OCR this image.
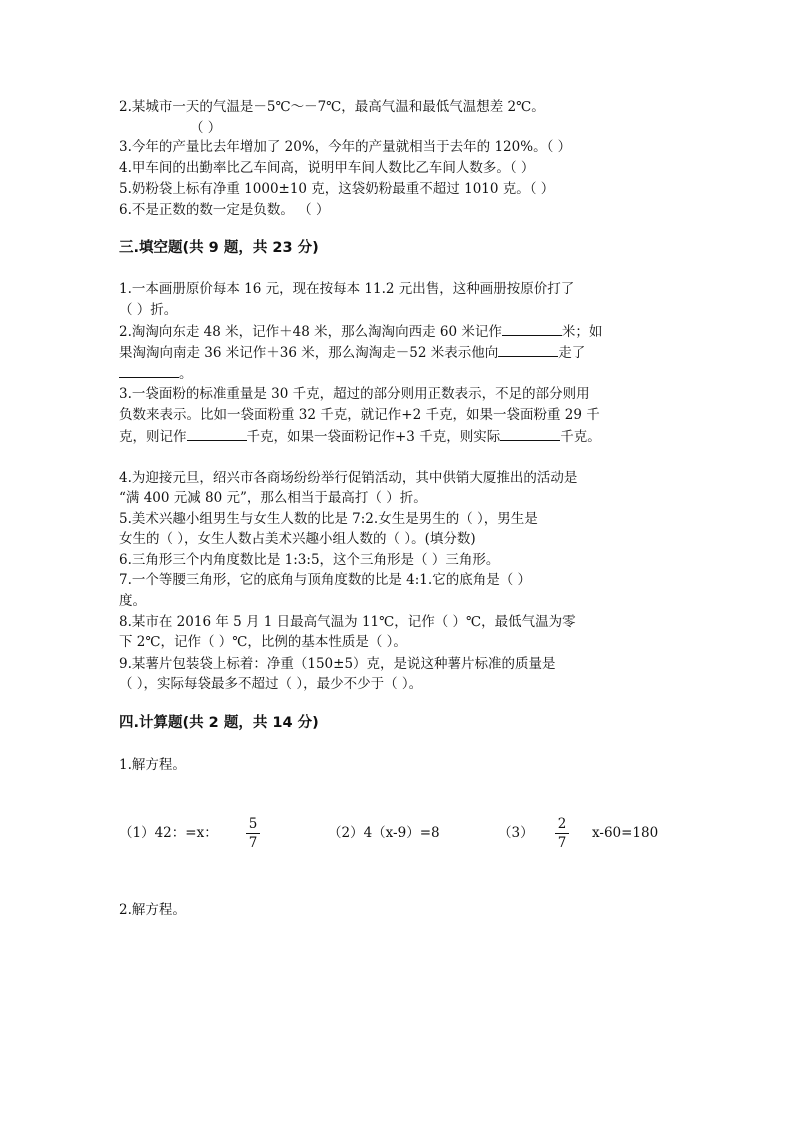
2.某城市一天的气温是－5℃～－7℃，最高气温和最低气温想差 2℃。
（ ）
3.今年的产量比去年增加了 20%，今年的产量就相当于去年的 120%。（ ）
4.甲车间的出勤率比乙车间高，说明甲车间人数比乙车间人数多。（ ）
5.奶粉袋上标有净重 1000±10 克，这袋奶粉最重不超过 1010 克。（ ）
6.不是正数的数一定是负数。 （ ）
三.填空题(共 9 题，共 23 分)
1.一本画册原价每本 16 元，现在按每本 11.2 元出售，这种画册按原价打了
（ ）折。
2.淘淘向东走 48 米，记作＋48 米，那么淘淘向西走 60 米记作	米；如
果淘淘向南走 36 米记作＋36 米，那么淘淘走－52 米表示他向	走了
。
3.一袋面粉的标准重量是 30 千克，超过的部分则用正数表示，不足的部分则用
负数来表示。比如一袋面粉重 32 千克，就记作+2 千克，如果一袋面粉重 29 千
克，则记作	千克，如果一袋面粉记作+3 千克，则实际	千克。
4.为迎接元旦，绍兴市各商场纷纷举行促销活动，其中供销大厦推出的活动是
“满 400 元减 80 元”，那么相当于最高打（ ）折。
5.美术兴趣小组男生与女生人数的比是 7:2.女生是男生的（ ），男生是
女生的（ ），女生人数占美术兴趣小组人数的（ ）。(填分数)
6.三角形三个内角度数比是 1:3:5，这个三角形是（ ）三角形。
7.一个等腰三角形，它的底角与顶角度数的比是 4:1.它的底角是（ ）
度。
8.某市在 2016 年 5 月 1 日最高气温为 11℃，记作（ ）℃，最低气温为零
下 2℃，记作（ ）℃，比例的基本性质是（ ）。
9.某薯片包装袋上标着：净重（150±5）克，是说这种薯片标准的质量是
（ ），实际每袋最多不超过（ ），最少不少于（ ）。
四.计算题(共 2 题，共 14 分)
1.解方程。
（1）42：=x：
5
7
（2）4（x-9）=8	（3）
2
7
x-60=180
2.解方程。
